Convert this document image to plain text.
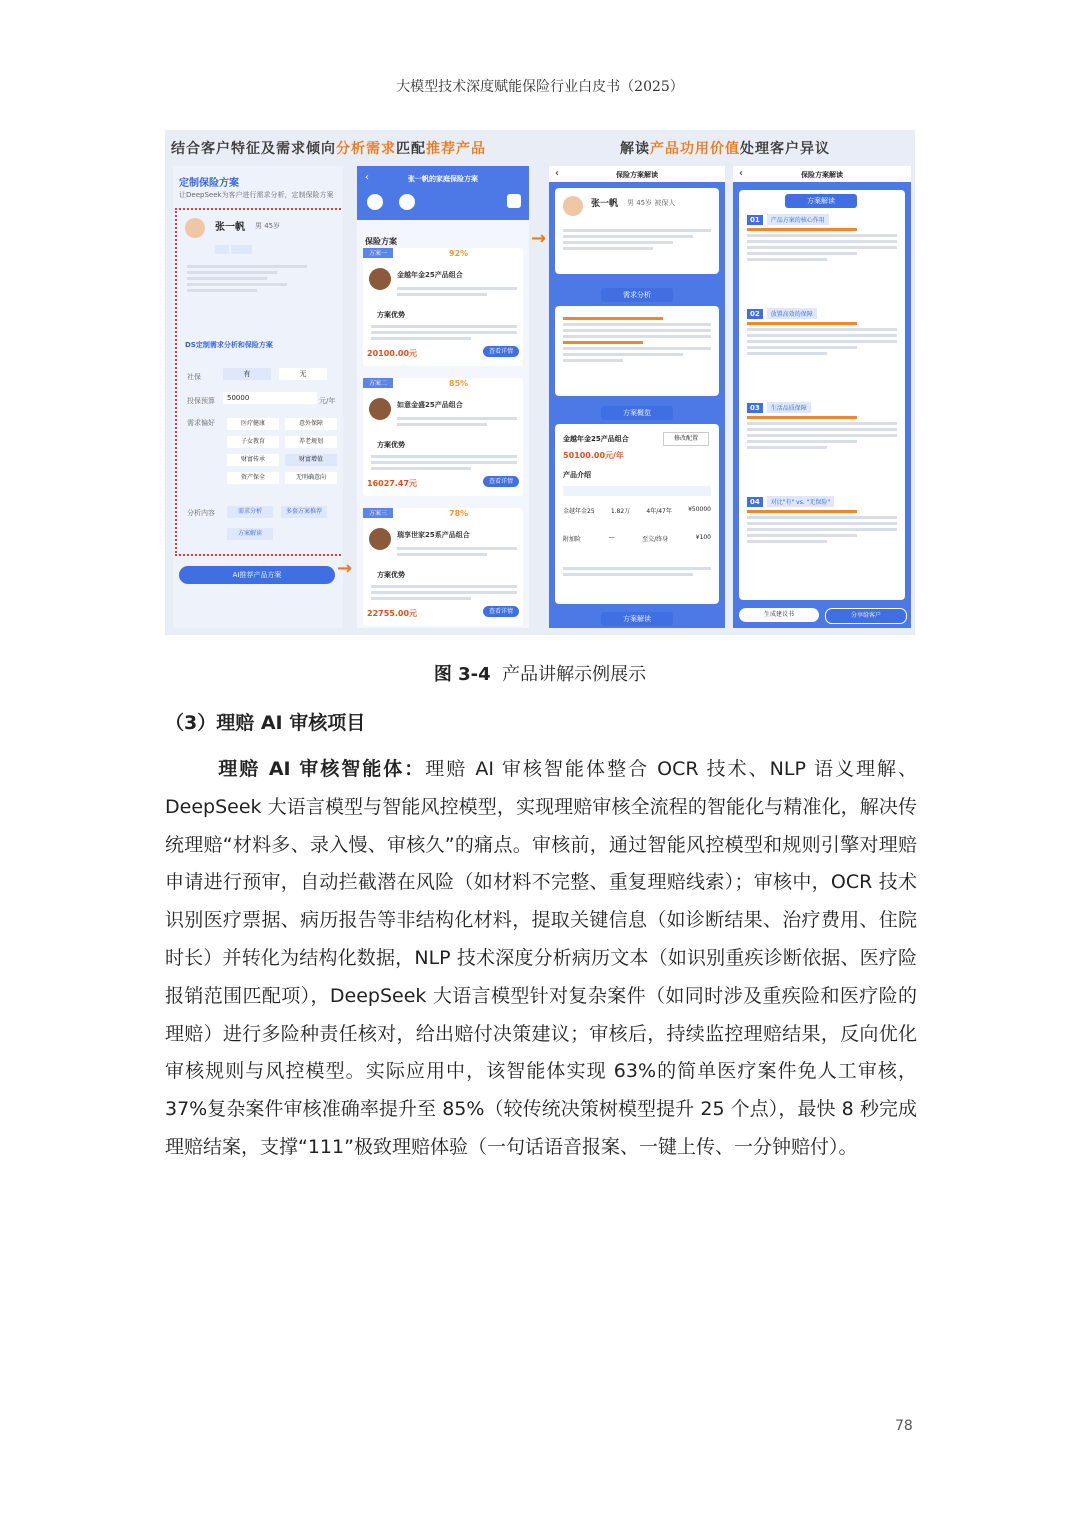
大模型技术深度赋能保险行业白皮书（2025）
结合客户特征及需求倾向分析需求匹配推荐产品	解读产品功用价值处理客户异议
定制保险方案
让DeepSeek为客户进行需求分析，定制保险方案
张一帆 男 45岁

DS定制需求分析和保险方案
社保	有	无
投保预算	50000	元/年
需求偏好	医疗健康	意外保障
子女教育	养老规划
财富传承	财富增值
资产保全	无明确意向
分析内容	需求分析	多套方案推荐
方案解读
AI推荐产品方案	→
‹	张一帆的家庭保险方案
保险方案
方案一	92%
金越年金25产品组合
方案优势
20100.00元	查看详情
方案二	85%
如意金盛25产品组合
方案优势
16027.47元	查看详情
方案三	78%
瑞享世家25系产品组合
方案优势
22755.00元	查看详情
→
‹	保险方案解读
张一帆 男 45岁 被保人
需求分析
方案概览
金越年金25产品组合	修改配置
50100.00元/年
产品介绍
金越年金25	1.82万	4年/47年	¥50000
附加险	—	至交/终身	¥100
方案解读
‹	保险方案解读
方案解读
01	产品方案的核心作用
02	放置高效的保障
03	生活品质保障
04	对比"有" vs. "无保险"
生成建议书	分享给客户
图 3-4 产品讲解示例展示
（3）理赔 AI 审核项目
理赔 AI 审核智能体：理赔 AI 审核智能体整合 OCR 技术、NLP 语义理解、DeepSeek 大语言模型与智能风控模型，实现理赔审核全流程的智能化与精准化，解决传统理赔“材料多、录入慢、审核久”的痛点。审核前，通过智能风控模型和规则引擎对理赔申请进行预审，自动拦截潜在风险（如材料不完整、重复理赔线索）；审核中，OCR 技术识别医疗票据、病历报告等非结构化材料，提取关键信息（如诊断结果、治疗费用、住院时长）并转化为结构化数据，NLP 技术深度分析病历文本（如识别重疾诊断依据、医疗险报销范围匹配项），DeepSeek 大语言模型针对复杂案件（如同时涉及重疾险和医疗险的理赔）进行多险种责任核对，给出赔付决策建议；审核后，持续监控理赔结果，反向优化审核规则与风控模型。实际应用中，该智能体实现 63%的简单医疗案件免人工审核，37%复杂案件审核准确率提升至 85%（较传统决策树模型提升 25 个点），最快 8 秒完成理赔结案，支撑“111”极致理赔体验（一句话语音报案、一键上传、一分钟赔付）。
78
